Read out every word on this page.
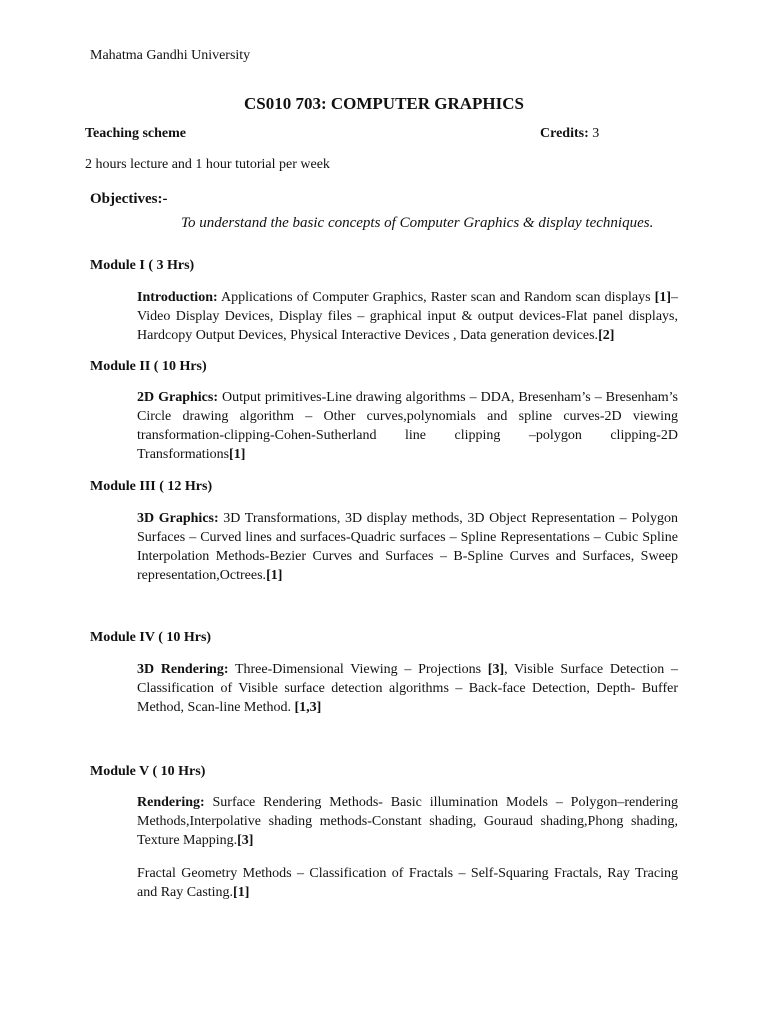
Mahatma Gandhi University
CS010 703: COMPUTER GRAPHICS
Teaching scheme	Credits: 3
2 hours lecture and 1 hour tutorial per week
Objectives:-
To understand the basic concepts of Computer Graphics & display techniques.
Module I ( 3 Hrs)
Introduction: Applications of Computer Graphics, Raster scan and Random scan displays [1]– Video Display Devices, Display files – graphical input & output devices-Flat panel displays, Hardcopy Output Devices, Physical Interactive Devices , Data generation devices.[2]
Module II ( 10 Hrs)
2D Graphics: Output primitives-Line drawing algorithms – DDA, Bresenham’s – Bresenham’s Circle drawing algorithm – Other curves,polynomials and spline curves-2D viewing transformation-clipping-Cohen-Sutherland line clipping –polygon clipping-2D Transformations[1]
Module III ( 12 Hrs)
3D Graphics: 3D Transformations, 3D display methods, 3D Object Representation – Polygon Surfaces – Curved lines and surfaces-Quadric surfaces – Spline Representations – Cubic Spline Interpolation Methods-Bezier Curves and Surfaces – B-Spline Curves and Surfaces, Sweep representation,Octrees.[1]
Module IV ( 10 Hrs)
3D Rendering: Three-Dimensional Viewing – Projections [3], Visible Surface Detection – Classification of Visible surface detection algorithms – Back-face Detection, Depth- Buffer Method, Scan-line Method. [1,3]
Module V ( 10 Hrs)
Rendering: Surface Rendering Methods- Basic illumination Models – Polygon–rendering Methods,Interpolative shading methods-Constant shading, Gouraud shading,Phong shading, Texture Mapping.[3]
Fractal Geometry Methods – Classification of Fractals – Self-Squaring Fractals, Ray Tracing and Ray Casting.[1]
